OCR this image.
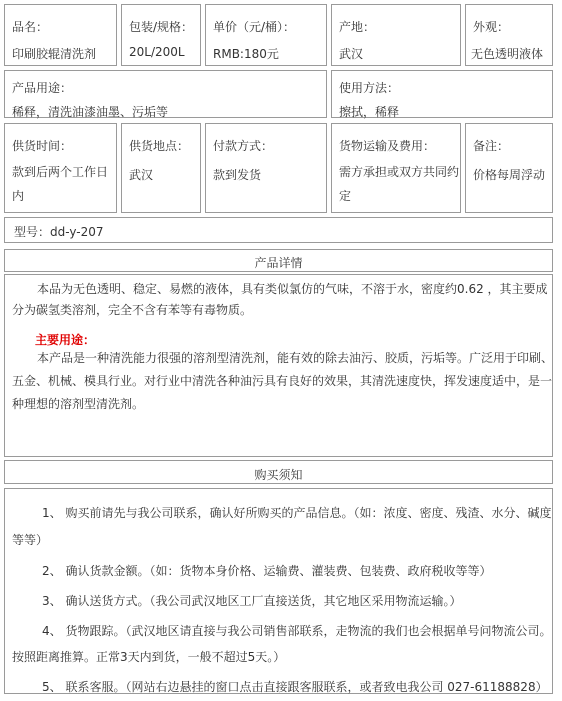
品名：
印刷胶辊清洗剂
包装/规格：
20L/200L
单价（元/桶）：
RMB:180元
产地：
武汉
外观：
无色透明液体
产品用途：
稀释，清洗油漆油墨、污垢等
使用方法：
擦拭，稀释
供货时间：
款到后两个工作日
内
供货地点：
武汉
付款方式：
款到发货
货物运输及费用：
需方承担或双方共同约
定
备注：
价格每周浮动
型号：dd-y-207
产品详情
本品为无色透明、稳定、易燃的液体，具有类似氯仿的气味，不溶于水，密度约0.62 ，其主要成
分为碳氢类溶剂，完全不含有苯等有毒物质。
主要用途：
本产品是一种清洗能力很强的溶剂型清洗剂，能有效的除去油污、胶质，污垢等。广泛用于印刷、
五金、机械、模具行业。对行业中清洗各种油污具有良好的效果，其清洗速度快，挥发速度适中，是一
种理想的溶剂型清洗剂。
购买须知
1、 购买前请先与我公司联系，确认好所购买的产品信息。（如：浓度、密度、残渣、水分、碱度
等等）
2、 确认货款金额。（如：货物本身价格、运输费、灌装费、包装费、政府税收等等）
3、 确认送货方式。（我公司武汉地区工厂直接送货，其它地区采用物流运输。）
4、 货物跟踪。（武汉地区请直接与我公司销售部联系，走物流的我们也会根据单号问物流公司。
按照距离推算。正常3天内到货，一般不超过5天。）
5、 联系客服。（网站右边悬挂的窗口点击直接跟客服联系，或者致电我公司 027-61188828）
